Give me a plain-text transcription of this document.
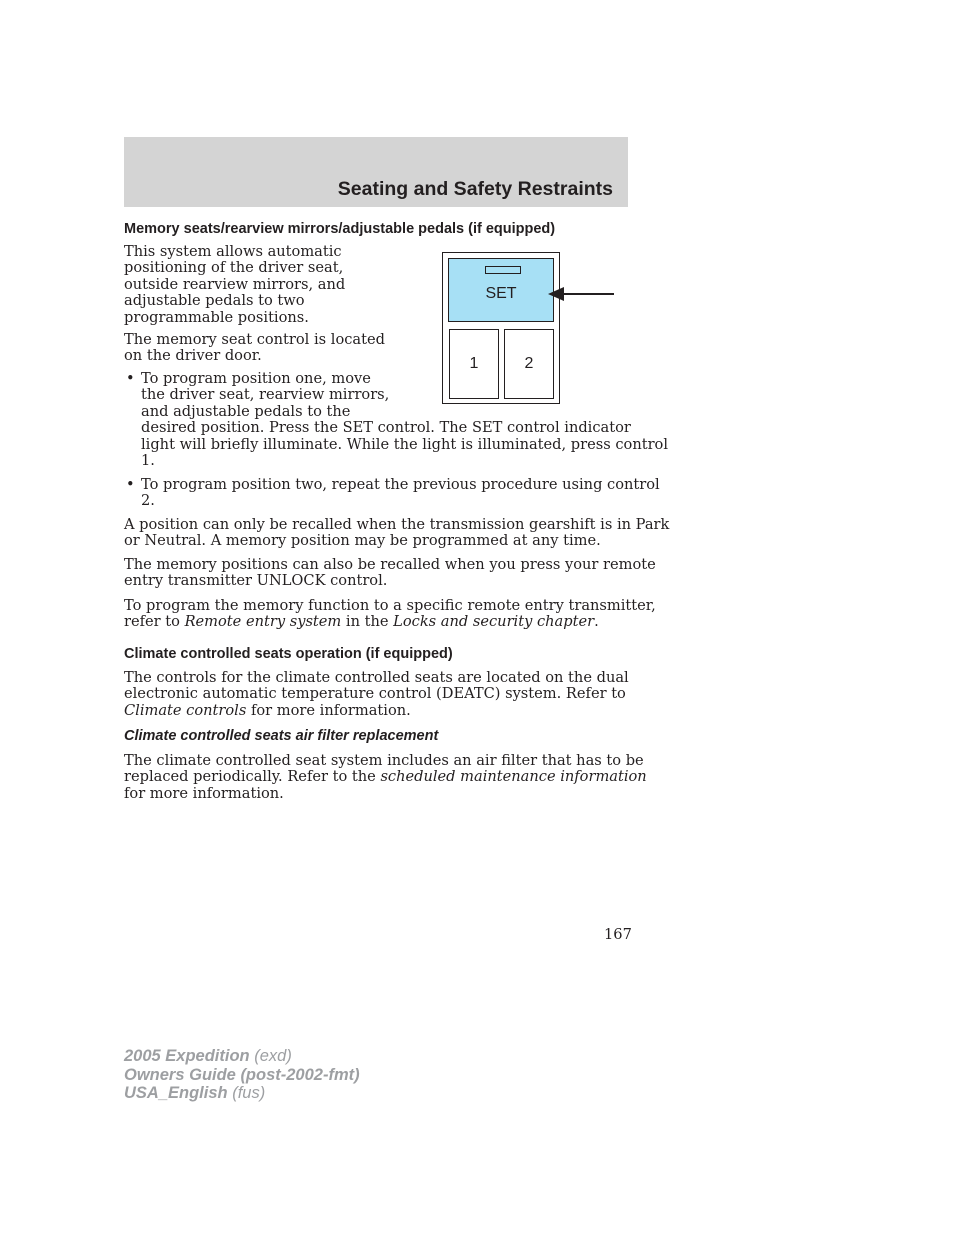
Seating and Safety Restraints
Memory seats/rearview mirrors/adjustable pedals (if equipped)
This system allows automatic
positioning of the driver seat,
outside rearview mirrors, and
adjustable pedals to two
programmable positions.
The memory seat control is located
on the driver door.
• To program position one, move
the driver seat, rearview mirrors,
and adjustable pedals to the
desired position. Press the SET control. The SET control indicator
light will briefly illuminate. While the light is illuminated, press control
1.
• To program position two, repeat the previous procedure using control
2.
A position can only be recalled when the transmission gearshift is in Park
or Neutral. A memory position may be programmed at any time.
The memory positions can also be recalled when you press your remote
entry transmitter UNLOCK control.
To program the memory function to a specific remote entry transmitter,
refer to Remote entry system in the Locks and security chapter.
SET
1	2
Climate controlled seats operation (if equipped)
The controls for the climate controlled seats are located on the dual
electronic automatic temperature control (DEATC) system. Refer to
Climate controls for more information.
Climate controlled seats air filter replacement
The climate controlled seat system includes an air filter that has to be
replaced periodically. Refer to the scheduled maintenance information
for more information.
167
2005 Expedition (exd)
Owners Guide (post-2002-fmt)
USA_English (fus)
